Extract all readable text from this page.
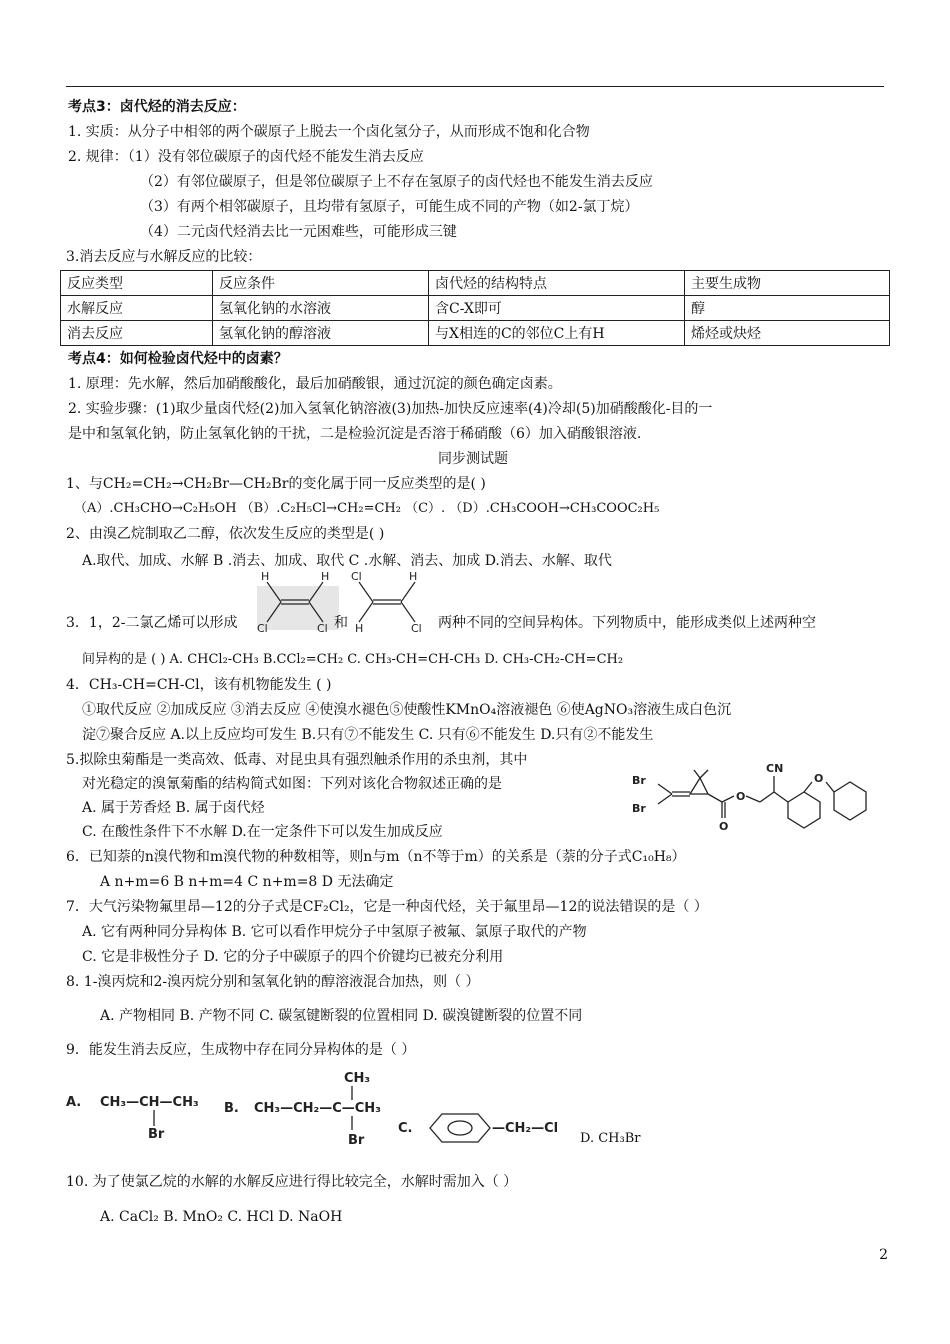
考点3：卤代烃的消去反应：
1. 实质：从分子中相邻的两个碳原子上脱去一个卤化氢分子，从而形成不饱和化合物
2. 规律：（1）没有邻位碳原子的卤代烃不能发生消去反应
（2）有邻位碳原子，但是邻位碳原子上不存在氢原子的卤代烃也不能发生消去反应
（3）有两个相邻碳原子，且均带有氢原子，可能生成不同的产物（如2-氯丁烷）
（4）二元卤代烃消去比一元困难些，可能形成三键
3.消去反应与水解反应的比较：
反应类型	反应条件	卤代烃的结构特点	主要生成物
水解反应	氢氧化钠的水溶液	含C-X即可	醇
消去反应	氢氧化钠的醇溶液	与X相连的C的邻位C上有H	烯烃或炔烃
考点4：如何检验卤代烃中的卤素？
1. 原理：先水解，然后加硝酸酸化，最后加硝酸银，通过沉淀的颜色确定卤素。
2. 实验步骤：(1)取少量卤代烃(2)加入氢氧化钠溶液(3)加热-加快反应速率(4)冷却(5)加硝酸酸化-目的一
是中和氢氧化钠，防止氢氧化钠的干扰，二是检验沉淀是否溶于稀硝酸（6）加入硝酸银溶液.
同步测试题
1、与CH₂=CH₂→CH₂Br—CH₂Br的变化属于同一反应类型的是( )
（A）.CH₃CHO→C₂H₅OH （B）.C₂H₅Cl→CH₂=CH₂ （C）. （D）.CH₃COOH→CH₃COOC₂H₅
2、由溴乙烷制取乙二醇，依次发生反应的类型是( )
A.取代、加成、水解 B .消去、加成、取代 C .水解、消去、加成 D.消去、水解、取代
H	H
Cl	Cl
Cl	H
H	Cl
3．1，2-二氯乙烯可以形成	和	两种不同的空间异构体。下列物质中，能形成类似上述两种空
间异构的是 ( ) A. CHCl₂-CH₃ B.CCl₂=CH₂ C. CH₃-CH=CH-CH₃ D. CH₃-CH₂-CH=CH₂
4．CH₃-CH=CH-Cl，该有机物能发生 ( )
①取代反应 ②加成反应 ③消去反应 ④使溴水褪色⑤使酸性KMnO₄溶液褪色 ⑥使AgNO₃溶液生成白色沉
淀⑦聚合反应 A.以上反应均可发生 B.只有⑦不能发生 C. 只有⑥不能发生 D.只有②不能发生
5.拟除虫菊酯是一类高效、低毒、对昆虫具有强烈触杀作用的杀虫剂，其中
对光稳定的溴氰菊酯的结构简式如图：下列对该化合物叙述正确的是
A. 属于芳香烃 B. 属于卤代烃
C. 在酸性条件下不水解 D.在一定条件下可以发生加成反应
Br
Br
O
O
CN
O
6．已知萘的n溴代物和m溴代物的种数相等，则n与m（n不等于m）的关系是（萘的分子式C₁₀H₈）
A n+m=6 B n+m=4 C n+m=8 D 无法确定
7．大气污染物氟里昂—12的分子式是CF₂Cl₂，它是一种卤代烃，关于氟里昂—12的说法错误的是（ ）
A. 它有两种同分异构体 B. 它可以看作甲烷分子中氢原子被氟、氯原子取代的产物
C. 它是非极性分子 D. 它的分子中碳原子的四个价键均已被充分利用
8. 1-溴丙烷和2-溴丙烷分别和氢氧化钠的醇溶液混合加热，则（ ）
A. 产物相同 B. 产物不同 C. 碳氢键断裂的位置相同 D. 碳溴键断裂的位置不同
9．能发生消去反应，生成物中存在同分异构体的是（ ）
A. CH₃—CH—CH₃
Br
B. CH₃—CH₂—C—CH₃
CH₃
Br
C.	—CH₂—Cl
D. CH₃Br
10. 为了使氯乙烷的水解的水解反应进行得比较完全，水解时需加入（ ）
A. CaCl₂ B. MnO₂ C. HCl D. NaOH
2
